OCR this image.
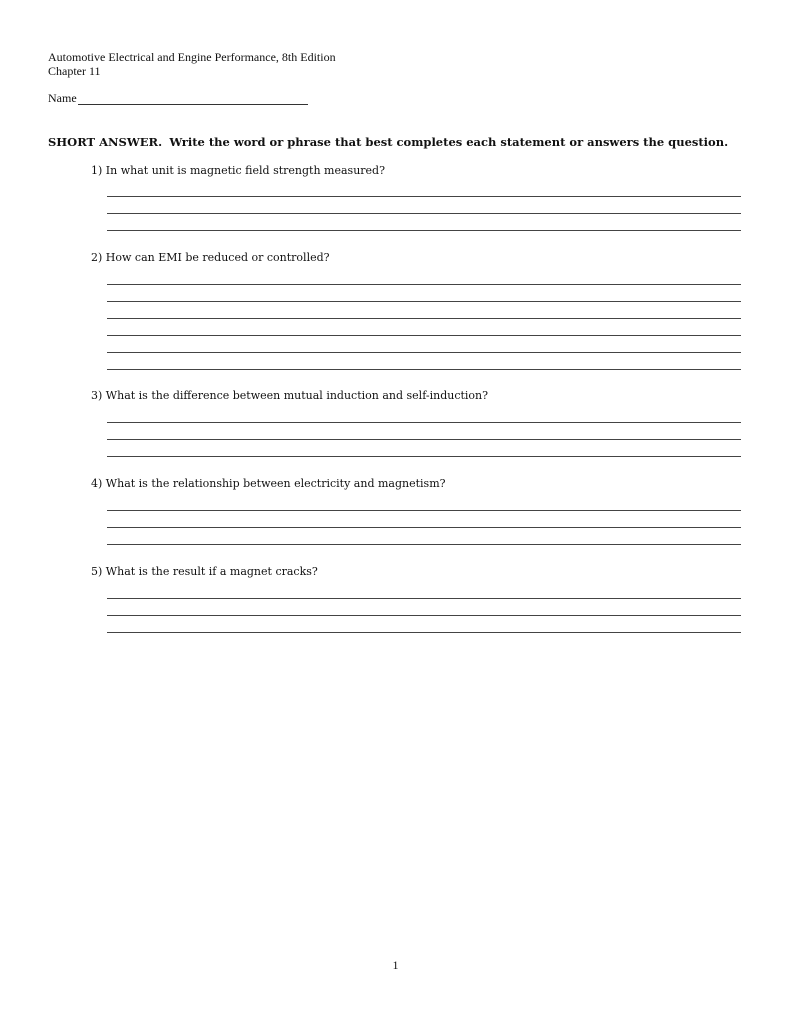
Automotive Electrical and Engine Performance, 8th Edition
Chapter 11
Name
SHORT ANSWER. Write the word or phrase that best completes each statement or answers the question.
1) In what unit is magnetic field strength measured?
2) How can EMI be reduced or controlled?
3) What is the difference between mutual induction and self-induction?
4) What is the relationship between electricity and magnetism?
5) What is the result if a magnet cracks?
1
